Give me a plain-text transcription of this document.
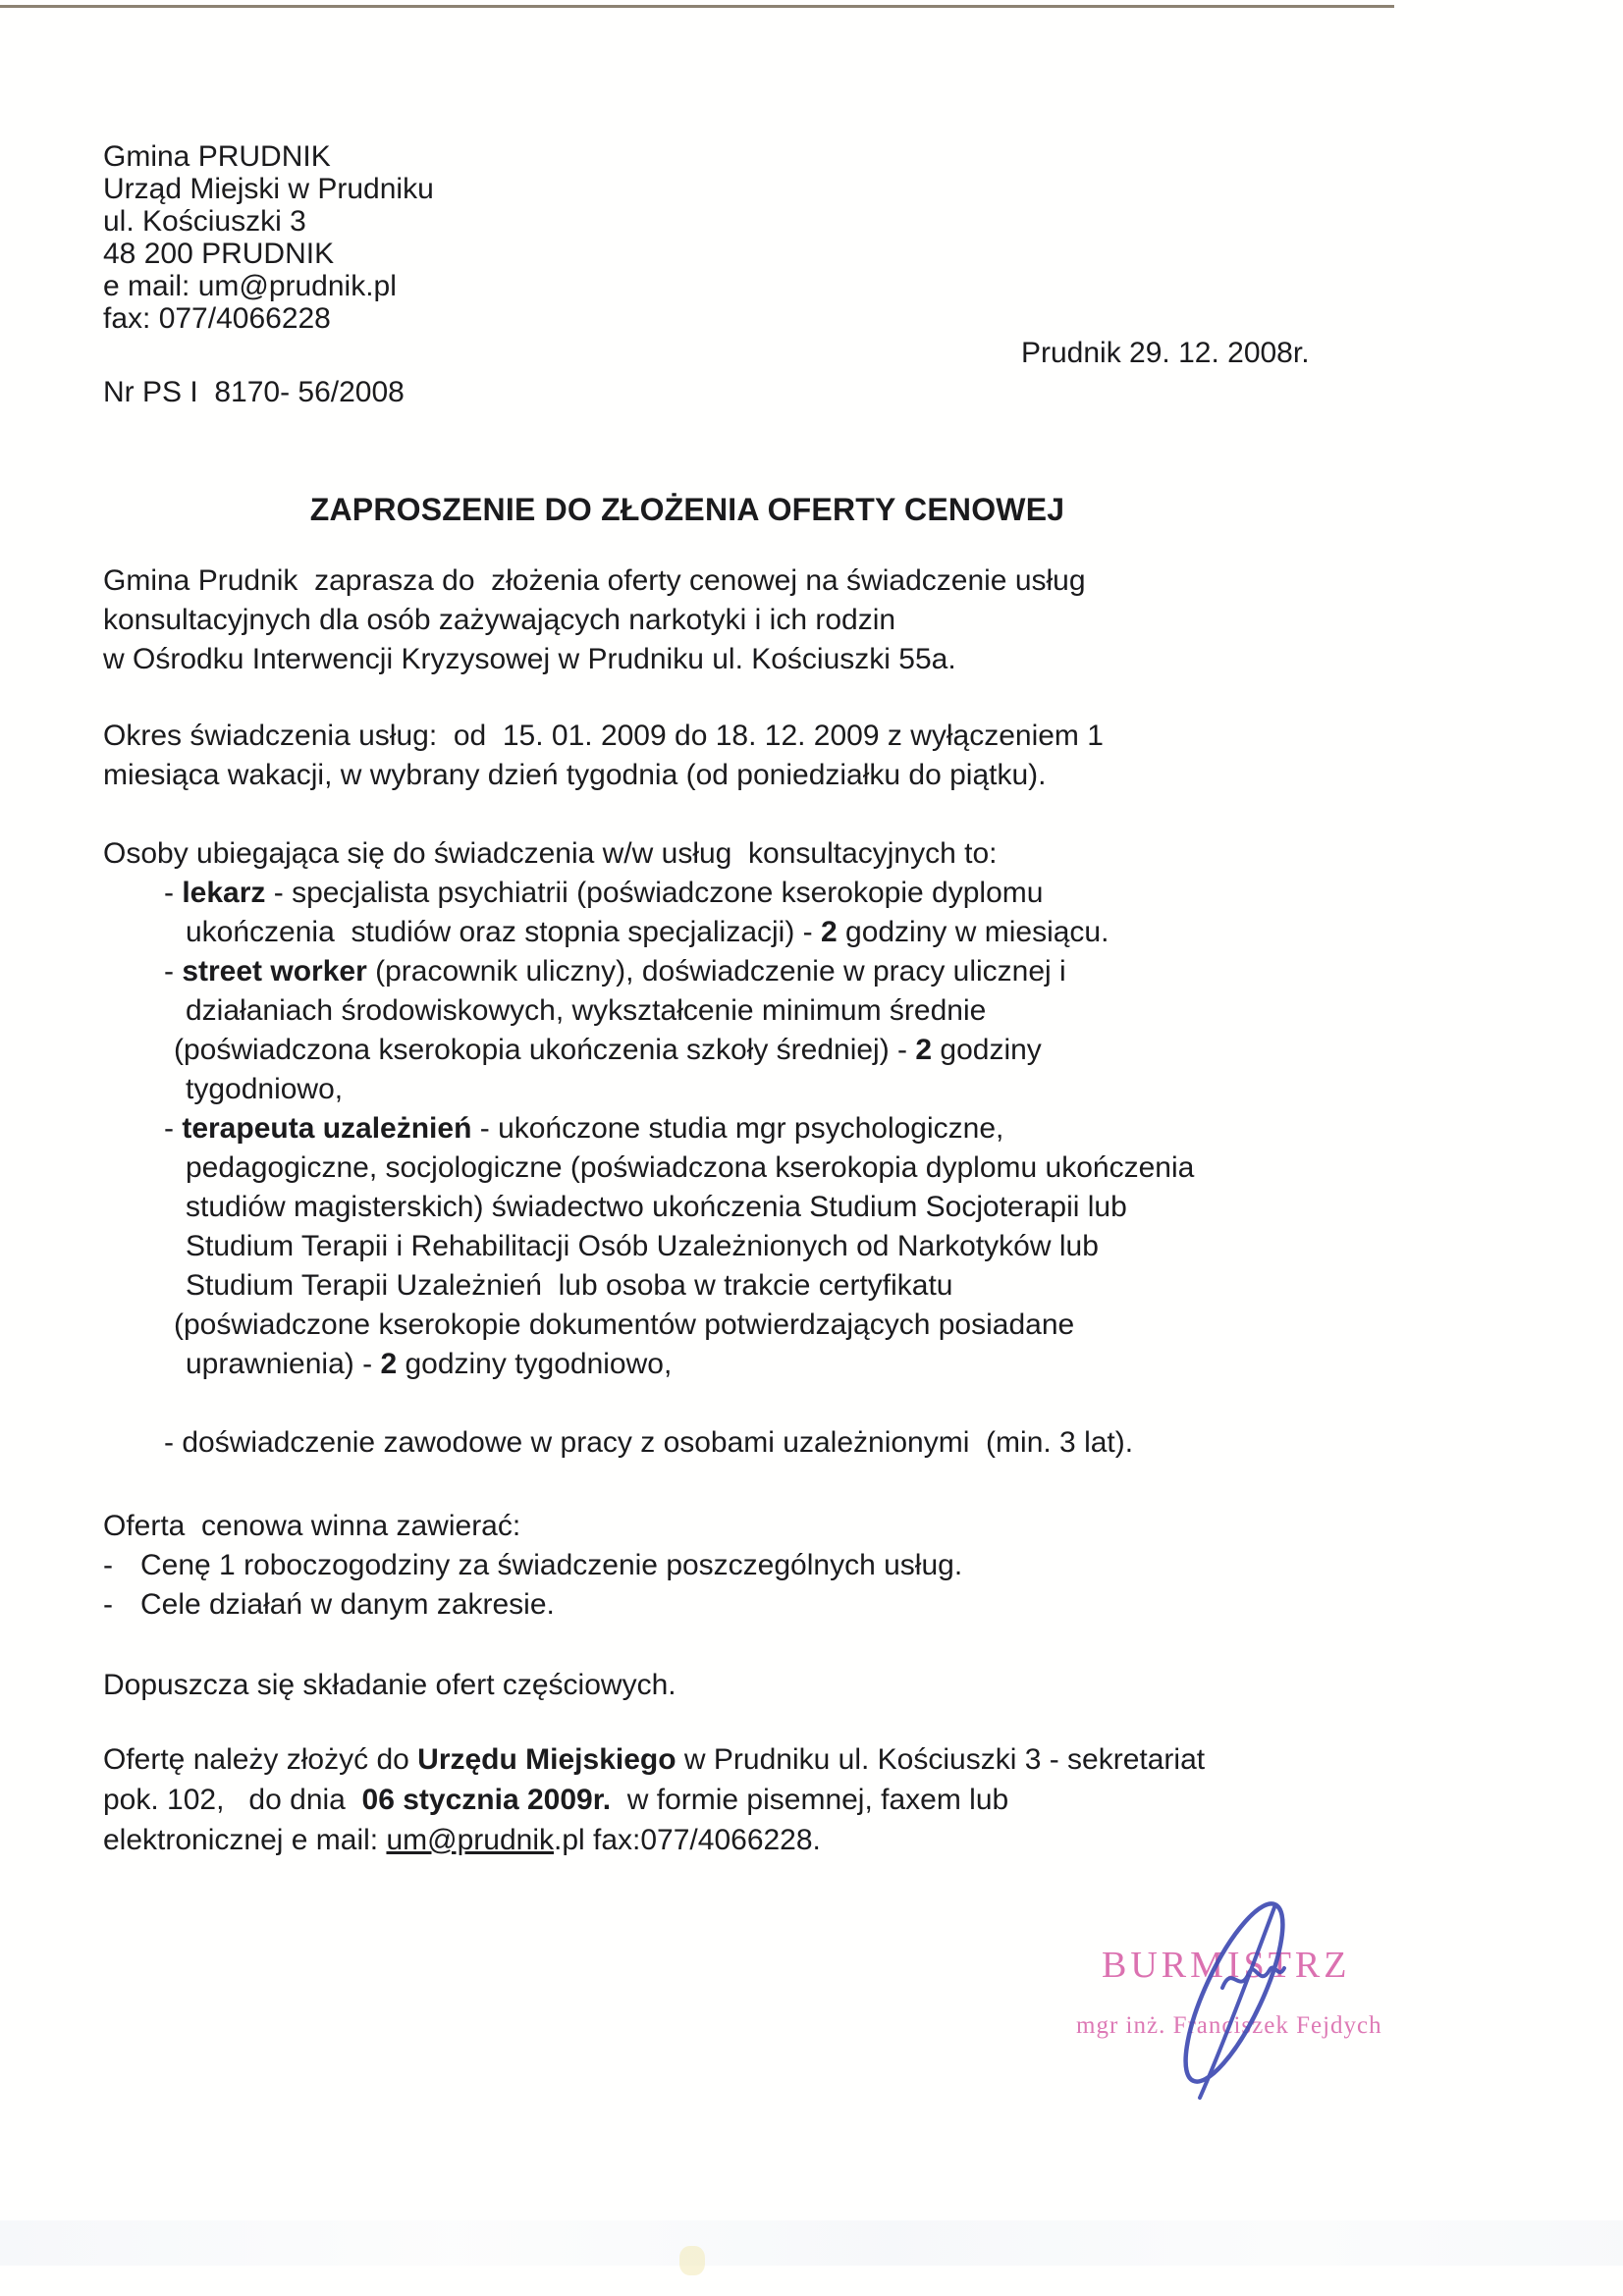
Gmina PRUDNIK
Urząd Miejski w Prudniku
ul. Kościuszki 3
48 200 PRUDNIK
e mail: um@prudnik.pl
fax: 077/4066228
Prudnik 29. 12. 2008r.
Nr PS I  8170- 56/2008
ZAPROSZENIE DO ZŁOŻENIA OFERTY CENOWEJ
Gmina Prudnik  zaprasza do  złożenia oferty cenowej na świadczenie usług
konsultacyjnych dla osób zażywających narkotyki i ich rodzin
w Ośrodku Interwencji Kryzysowej w Prudniku ul. Kościuszki 55a.
Okres świadczenia usług:  od  15. 01. 2009 do 18. 12. 2009 z wyłączeniem 1
miesiąca wakacji, w wybrany dzień tygodnia (od poniedziałku do piątku).
Osoby ubiegająca się do świadczenia w/w usług  konsultacyjnych to:
- lekarz - specjalista psychiatrii (poświadczone kserokopie dyplomu
ukończenia  studiów oraz stopnia specjalizacji) - 2 godziny w miesiącu.
- street worker (pracownik uliczny), doświadczenie w pracy ulicznej i
działaniach środowiskowych, wykształcenie minimum średnie
(poświadczona kserokopia ukończenia szkoły średniej) - 2 godziny
tygodniowo,
- terapeuta uzależnień - ukończone studia mgr psychologiczne,
pedagogiczne, socjologiczne (poświadczona kserokopia dyplomu ukończenia
studiów magisterskich) świadectwo ukończenia Studium Socjoterapii lub
Studium Terapii i Rehabilitacji Osób Uzależnionych od Narkotyków lub
Studium Terapii Uzależnień  lub osoba w trakcie certyfikatu
(poświadczone kserokopie dokumentów potwierdzających posiadane
uprawnienia) - 2 godziny tygodniowo,
- doświadczenie zawodowe w pracy z osobami uzależnionymi  (min. 3 lat).
Oferta  cenowa winna zawierać:
- Cenę 1 roboczogodziny za świadczenie poszczególnych usług.
- Cele działań w danym zakresie.
Dopuszcza się składanie ofert częściowych.
Ofertę należy złożyć do Urzędu Miejskiego w Prudniku ul. Kościuszki 3 - sekretariat
pok. 102,   do dnia  06 stycznia 2009r.  w formie pisemnej, faxem lub
elektronicznej e mail: um@prudnik.pl fax:077/4066228.
BURMISTRZ
mgr inż. Franciszek Fejdych
